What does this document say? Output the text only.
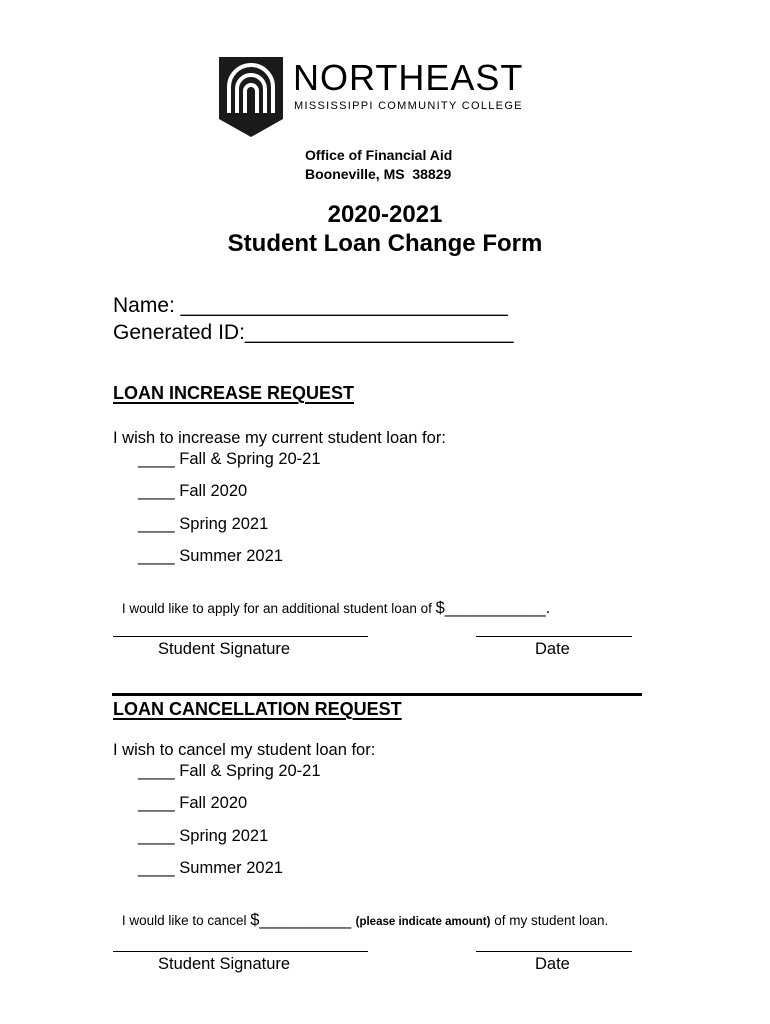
NORTHEAST
MISSISSIPPI COMMUNITY COLLEGE
Office of Financial Aid
Booneville, MS  38829
2020-2021
Student Loan Change Form
Name: ____________________________
Generated ID:_______________________
LOAN INCREASE REQUEST
I wish to increase my current student loan for:
____ Fall & Spring 20-21
____ Fall 2020
____ Spring 2021
____ Summer 2021

I would like to apply for an additional student loan of $___________.

Student Signature	Date
LOAN CANCELLATION REQUEST
I wish to cancel my student loan for:
____ Fall & Spring 20-21
____ Fall 2020
____ Spring 2021
____ Summer 2021

I would like to cancel $__________ (please indicate amount) of my student loan.

Student Signature	Date
